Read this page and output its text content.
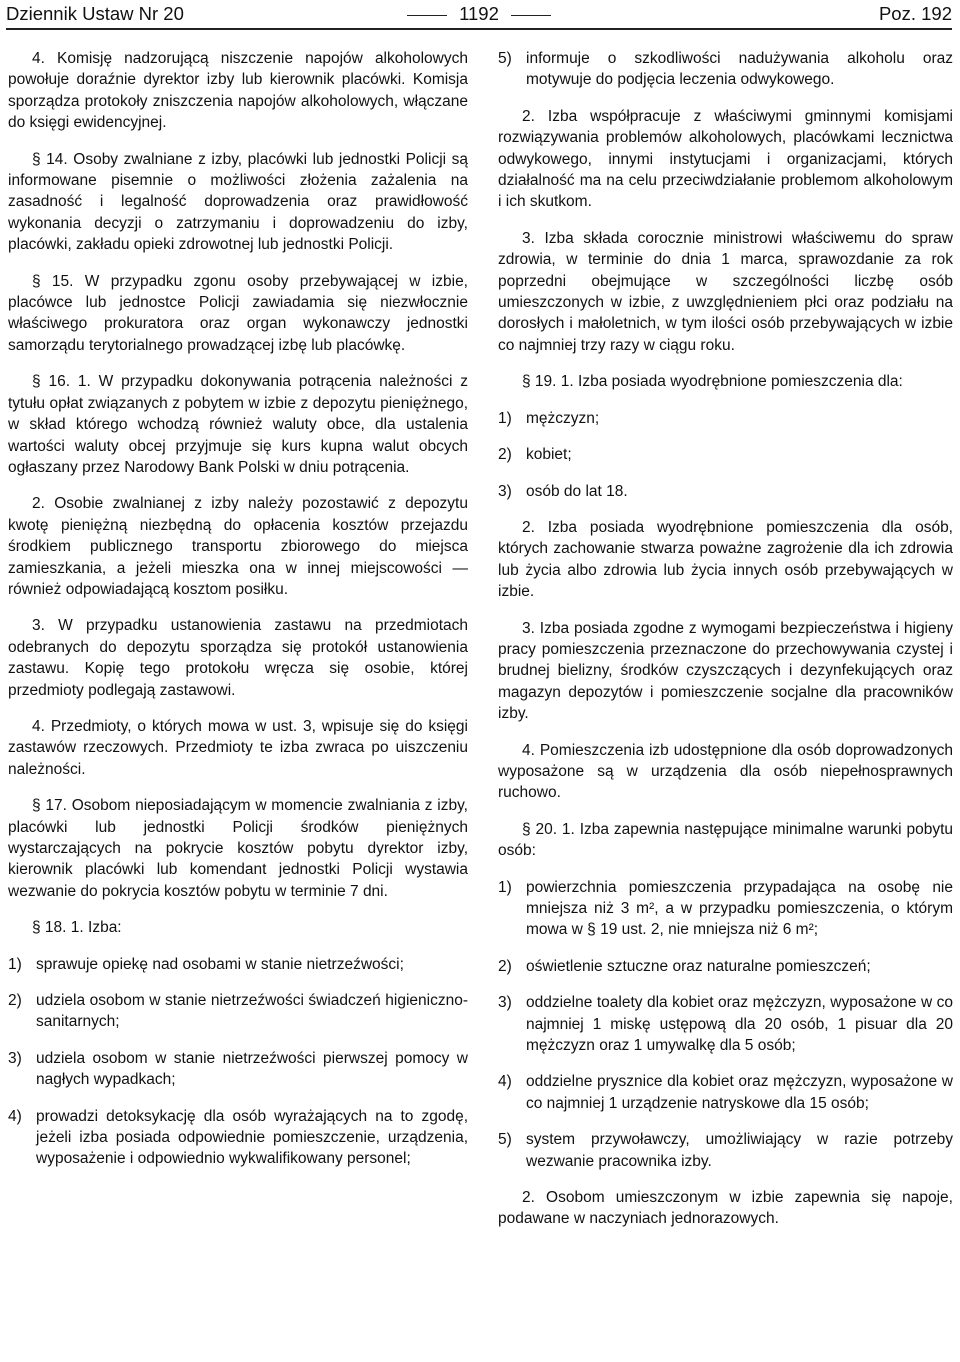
Dziennik Ustaw Nr 20	1192	Poz. 192

4. Komisję nadzorującą niszczenie napojów alkoholowych powołuje doraźnie dyrektor izby lub kierownik placówki. Komisja sporządza protokoły zniszczenia napojów alkoholowych, włączane do księgi ewidencyjnej.

§ 14. Osoby zwalniane z izby, placówki lub jednostki Policji są informowane pisemnie o możliwości złożenia zażalenia na zasadność i legalność doprowadzenia oraz prawidłowość wykonania decyzji o zatrzymaniu i doprowadzeniu do izby, placówki, zakładu opieki zdrowotnej lub jednostki Policji.

§ 15. W przypadku zgonu osoby przebywającej w izbie, placówce lub jednostce Policji zawiadamia się niezwłocznie właściwego prokuratora oraz organ wykonawczy jednostki samorządu terytorialnego prowadzącej izbę lub placówkę.

§ 16. 1. W przypadku dokonywania potrącenia należności z tytułu opłat związanych z pobytem w izbie z depozytu pieniężnego, w skład którego wchodzą również waluty obce, dla ustalenia wartości waluty obcej przyjmuje się kurs kupna walut obcych ogłaszany przez Narodowy Bank Polski w dniu potrącenia.

2. Osobie zwalnianej z izby należy pozostawić z depozytu kwotę pieniężną niezbędną do opłacenia kosztów przejazdu środkiem publicznego transportu zbiorowego do miejsca zamieszkania, a jeżeli mieszka ona w innej miejscowości — również odpowiadającą kosztom posiłku.

3. W przypadku ustanowienia zastawu na przedmiotach odebranych do depozytu sporządza się protokół ustanowienia zastawu. Kopię tego protokołu wręcza się osobie, której przedmioty podlegają zastawowi.

4. Przedmioty, o których mowa w ust. 3, wpisuje się do księgi zastawów rzeczowych. Przedmioty te izba zwraca po uiszczeniu należności.

§ 17. Osobom nieposiadającym w momencie zwalniania z izby, placówki lub jednostki Policji środków pieniężnych wystarczających na pokrycie kosztów pobytu dyrektor izby, kierownik placówki lub komendant jednostki Policji wystawia wezwanie do pokrycia kosztów pobytu w terminie 7 dni.

§ 18. 1. Izba:

1) sprawuje opiekę nad osobami w stanie nietrzeźwości;
2) udziela osobom w stanie nietrzeźwości świadczeń higieniczno-sanitarnych;
3) udziela osobom w stanie nietrzeźwości pierwszej pomocy w nagłych wypadkach;
4) prowadzi detoksykację dla osób wyrażających na to zgodę, jeżeli izba posiada odpowiednie pomieszczenie, urządzenia, wyposażenie i odpowiednio wykwalifikowany personel;
5) informuje o szkodliwości nadużywania alkoholu oraz motywuje do podjęcia leczenia odwykowego.

2. Izba współpracuje z właściwymi gminnymi komisjami rozwiązywania problemów alkoholowych, placówkami lecznictwa odwykowego, innymi instytucjami i organizacjami, których działalność ma na celu przeciwdziałanie problemom alkoholowym i ich skutkom.

3. Izba składa corocznie ministrowi właściwemu do spraw zdrowia, w terminie do dnia 1 marca, sprawozdanie za rok poprzedni obejmujące w szczególności liczbę osób umieszczonych w izbie, z uwzględnieniem płci oraz podziału na dorosłych i małoletnich, w tym ilości osób przebywających w izbie co najmniej trzy razy w ciągu roku.

§ 19. 1. Izba posiada wyodrębnione pomieszczenia dla:

1) mężczyzn;
2) kobiet;
3) osób do lat 18.

2. Izba posiada wyodrębnione pomieszczenia dla osób, których zachowanie stwarza poważne zagrożenie dla ich zdrowia lub życia albo zdrowia lub życia innych osób przebywających w izbie.

3. Izba posiada zgodne z wymogami bezpieczeństwa i higieny pracy pomieszczenia przeznaczone do przechowywania czystej i brudnej bielizny, środków czyszczących i dezynfekujących oraz magazyn depozytów i pomieszczenie socjalne dla pracowników izby.

4. Pomieszczenia izb udostępnione dla osób doprowadzonych wyposażone są w urządzenia dla osób niepełnosprawnych ruchowo.

§ 20. 1. Izba zapewnia następujące minimalne warunki pobytu osób:

1) powierzchnia pomieszczenia przypadająca na osobę nie mniejsza niż 3 m², a w przypadku pomieszczenia, o którym mowa w § 19 ust. 2, nie mniejsza niż 6 m²;
2) oświetlenie sztuczne oraz naturalne pomieszczeń;
3) oddzielne toalety dla kobiet oraz mężczyzn, wyposażone w co najmniej 1 miskę ustępową dla 20 osób, 1 pisuar dla 20 mężczyzn oraz 1 umywalkę dla 5 osób;
4) oddzielne prysznice dla kobiet oraz mężczyzn, wyposażone w co najmniej 1 urządzenie natryskowe dla 15 osób;
5) system przywoławczy, umożliwiający w razie potrzeby wezwanie pracownika izby.

2. Osobom umieszczonym w izbie zapewnia się napoje, podawane w naczyniach jednorazowych.
